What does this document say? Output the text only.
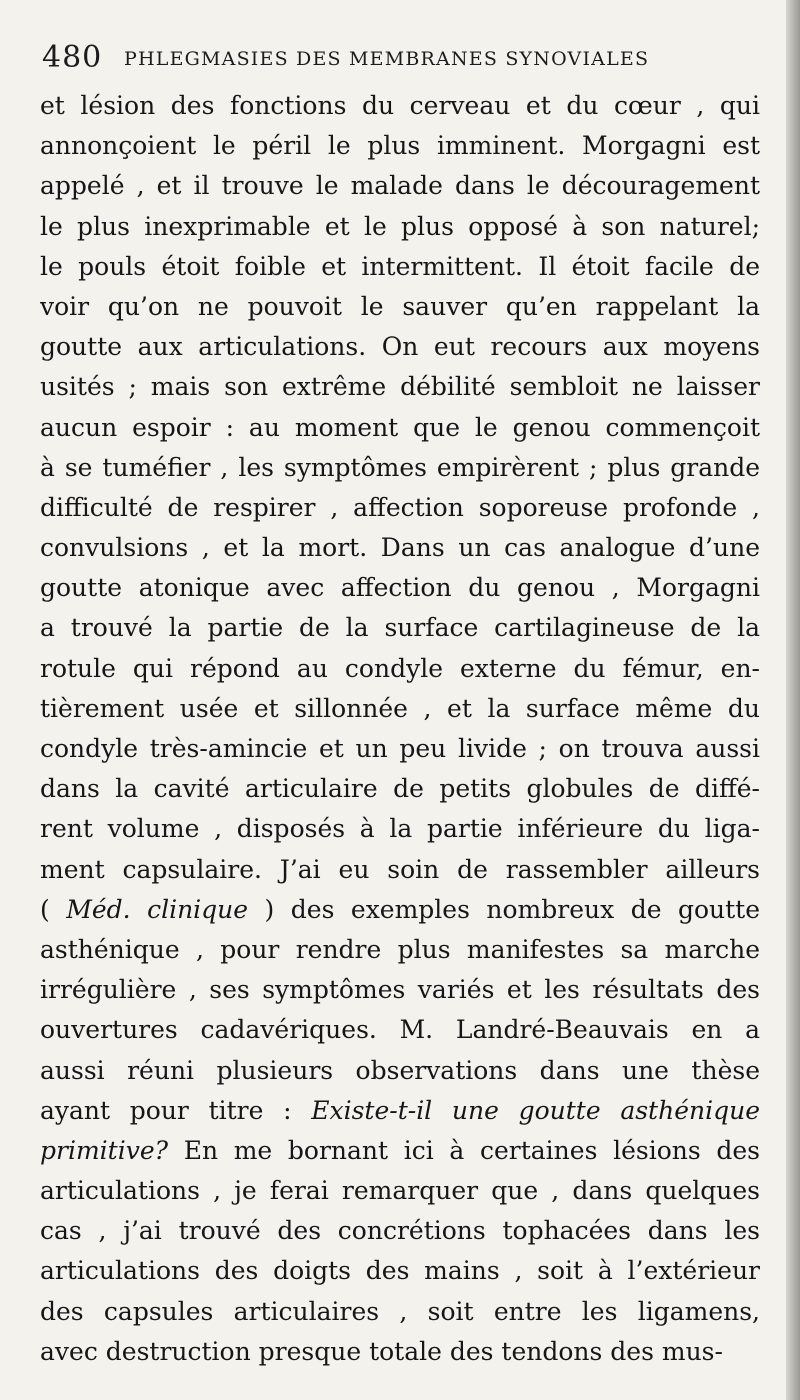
480 PHLEGMASIES DES MEMBRANES SYNOVIALES
et lésion des fonctions du cerveau et du cœur , qui
annonçoient le péril le plus imminent. Morgagni est
appelé , et il trouve le malade dans le découragement
le plus inexprimable et le plus opposé à son naturel;
le pouls étoit foible et intermittent. Il étoit facile de
voir qu’on ne pouvoit le sauver qu’en rappelant la
goutte aux articulations. On eut recours aux moyens
usités ; mais son extrême débilité sembloit ne laisser
aucun espoir : au moment que le genou commençoit
à se tuméfier , les symptômes empirèrent ; plus grande
difficulté de respirer , affection soporeuse profonde ,
convulsions , et la mort. Dans un cas analogue d’une
goutte atonique avec affection du genou , Morgagni
a trouvé la partie de la surface cartilagineuse de la
rotule qui répond au condyle externe du fémur, en-
tièrement usée et sillonnée , et la surface même du
condyle très-amincie et un peu livide ; on trouva aussi
dans la cavité articulaire de petits globules de diffé-
rent volume , disposés à la partie inférieure du liga-
ment capsulaire. J’ai eu soin de rassembler ailleurs
( Méd. clinique ) des exemples nombreux de goutte
asthénique , pour rendre plus manifestes sa marche
irrégulière , ses symptômes variés et les résultats des
ouvertures cadavériques. M. Landré-Beauvais en a
aussi réuni plusieurs observations dans une thèse
ayant pour titre : Existe-t-il une goutte asthénique
primitive? En me bornant ici à certaines lésions des
articulations , je ferai remarquer que , dans quelques
cas , j’ai trouvé des concrétions tophacées dans les
articulations des doigts des mains , soit à l’extérieur
des capsules articulaires , soit entre les ligamens,
avec destruction presque totale des tendons des mus-
